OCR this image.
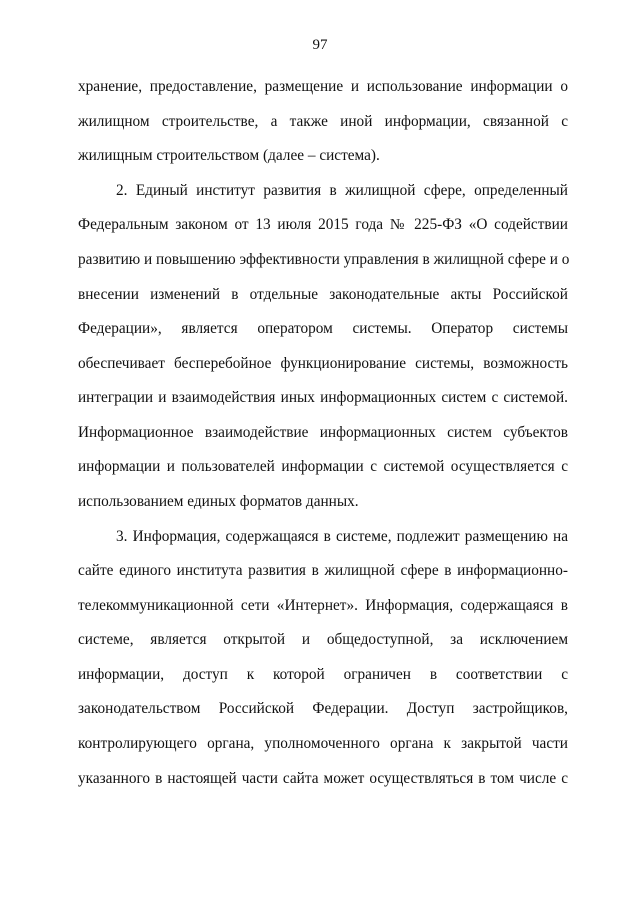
97
хранение, предоставление, размещение и использование информации о
жилищном строительстве, а также иной информации, связанной с
жилищным строительством (далее – система).
2. Единый институт развития в жилищной сфере, определенный
Федеральным законом от 13 июля 2015 года № 225-ФЗ «О содействии
развитию и повышению эффективности управления в жилищной сфере и о
внесении изменений в отдельные законодательные акты Российской
Федерации», является оператором системы. Оператор системы
обеспечивает бесперебойное функционирование системы, возможность
интеграции и взаимодействия иных информационных систем с системой.
Информационное взаимодействие информационных систем субъектов
информации и пользователей информации с системой осуществляется с
использованием единых форматов данных.
3. Информация, содержащаяся в системе, подлежит размещению на
сайте единого института развития в жилищной сфере в информационно-
телекоммуникационной сети «Интернет». Информация, содержащаяся в
системе, является открытой и общедоступной, за исключением
информации, доступ к которой ограничен в соответствии с
законодательством Российской Федерации. Доступ застройщиков,
контролирующего органа, уполномоченного органа к закрытой части
указанного в настоящей части сайта может осуществляться в том числе с
